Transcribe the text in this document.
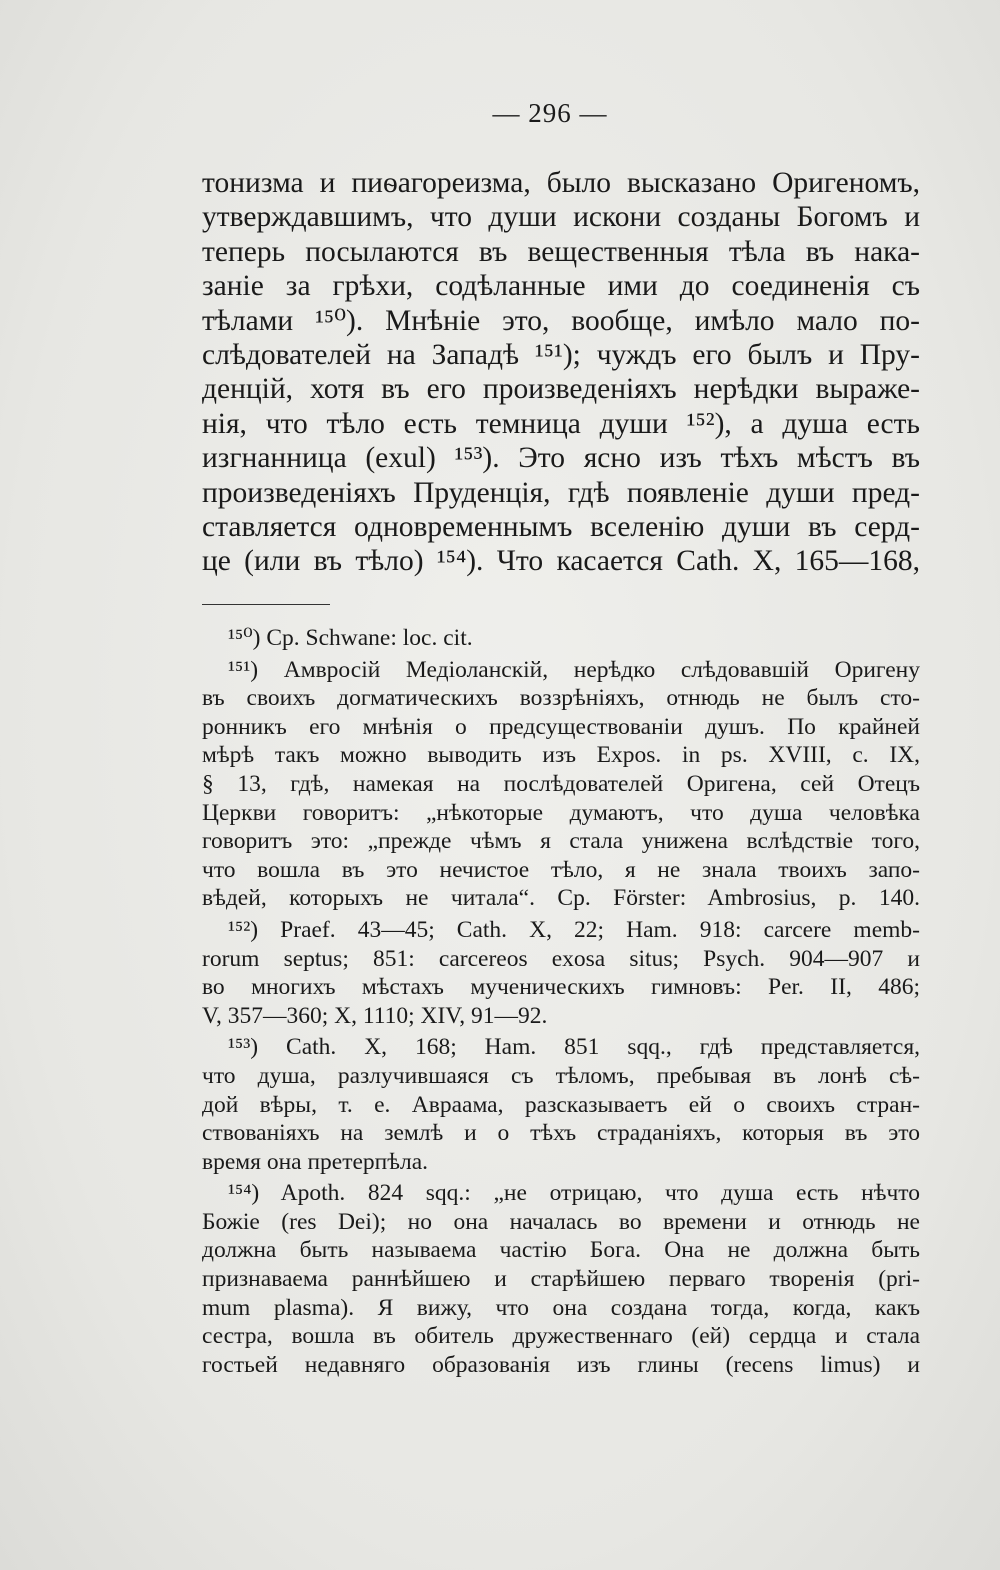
— 296 —
тонизма и пиѳагореизма, было высказано Оригеномъ,
утверждавшимъ, что души искони созданы Богомъ и
теперь посылаются въ вещественныя тѣла въ нака-
заніе за грѣхи, содѣланные ими до соединенія съ
тѣлами ¹⁵⁰). Мнѣніе это, вообще, имѣло мало по-
слѣдователей на Западѣ ¹⁵¹); чуждъ его былъ и Пру-
денцій, хотя въ его произведеніяхъ нерѣдки выраже-
нія, что тѣло есть темница души ¹⁵²), а душа есть
изгнанница (exul) ¹⁵³). Это ясно изъ тѣхъ мѣстъ въ
произведеніяхъ Пруденція, гдѣ появленіе души пред-
ставляется одновременнымъ вселенію души въ серд-
це (или въ тѣло) ¹⁵⁴). Что касается Cath. X, 165—168,
¹⁵⁰) Cp. Schwane: loc. cit.
¹⁵¹) Амвросій Медіоланскій, нерѣдко слѣдовавшій Оригену
въ своихъ догматическихъ воззрѣніяхъ, отнюдь не былъ сто-
ронникъ его мнѣнія о предсуществованіи душъ. По крайней
мѣрѣ такъ можно выводить изъ Expos. in ps. XVIII, c. IX,
§ 13, гдѣ, намекая на послѣдователей Оригена, сей Отецъ
Церкви говоритъ: „нѣкоторые думаютъ, что душа человѣка
говоритъ это: „прежде чѣмъ я стала унижена вслѣдствіе того,
что вошла въ это нечистое тѣло, я не знала твоихъ запо-
вѣдей, которыхъ не читала“. Cp. Förster: Ambrosius, p. 140.
¹⁵²) Praef. 43—45; Cath. X, 22; Ham. 918: carcere memb-
rorum septus; 851: carcereos exosa situs; Psych. 904—907 и
во многихъ мѣстахъ мученическихъ гимновъ: Per. II, 486;
V, 357—360; X, 1110; XIV, 91—92.
¹⁵³) Cath. X, 168; Ham. 851 sqq., гдѣ представляется,
что душа, разлучившаяся съ тѣломъ, пребывая въ лонѣ сѣ-
дой вѣры, т. е. Авраама, разсказываетъ ей о своихъ стран-
ствованіяхъ на землѣ и о тѣхъ страданіяхъ, которыя въ это
время она претерпѣла.
¹⁵⁴) Apoth. 824 sqq.: „не отрицаю, что душа есть нѣчто
Божіе (res Dei); но она началась во времени и отнюдь не
должна быть называема частію Бога. Она не должна быть
признаваема раннѣйшею и старѣйшею перваго творенія (pri-
mum plasma). Я вижу, что она создана тогда, когда, какъ
сестра, вошла въ обитель дружественнаго (ей) сердца и стала
гостьей недавняго образованія изъ глины (recens limus) и
